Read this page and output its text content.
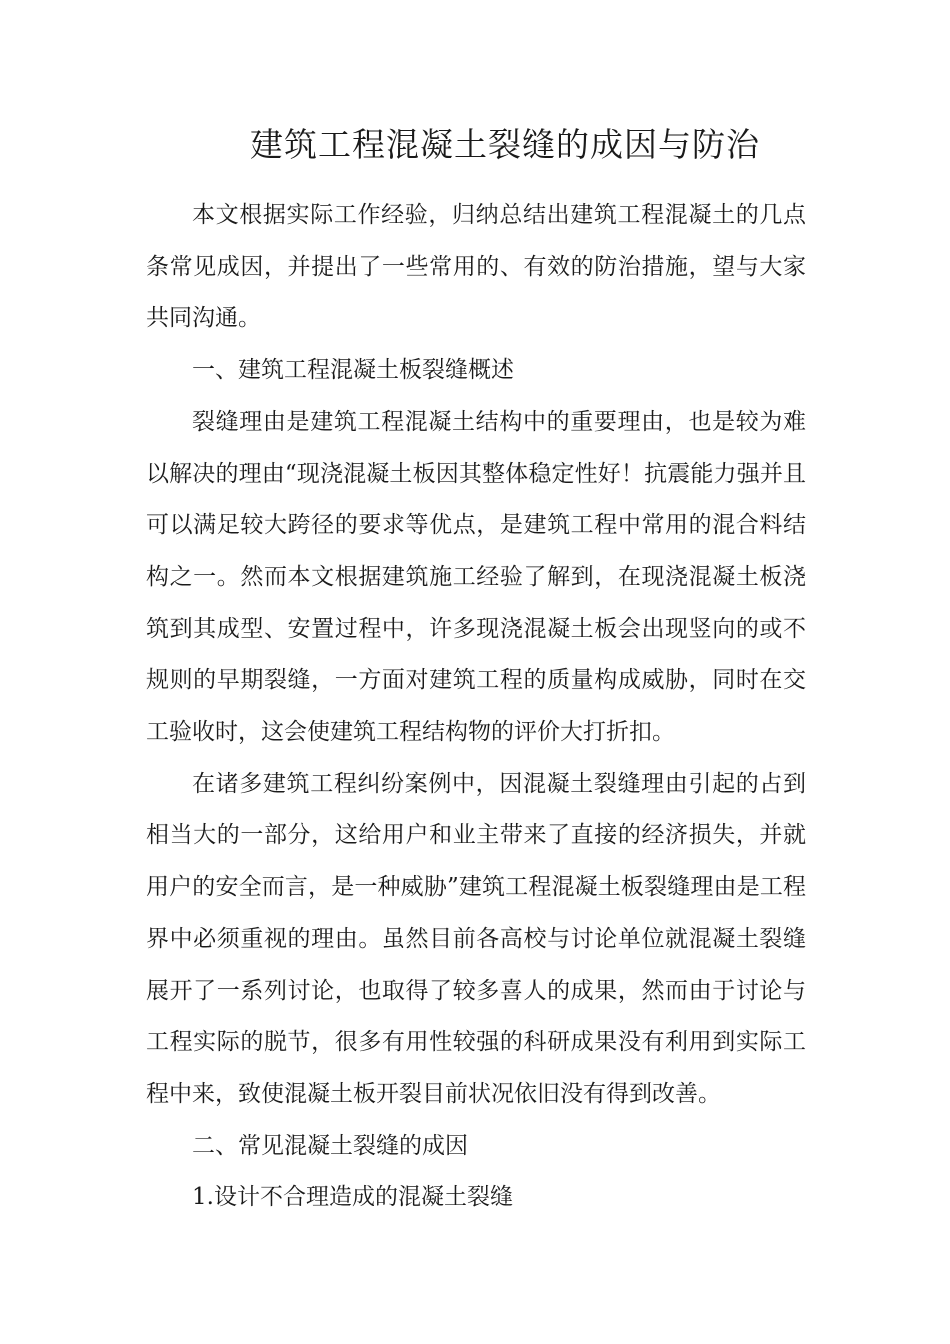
建筑工程混凝土裂缝的成因与防治

本文根据实际工作经验，归纳总结出建筑工程混凝土的几点条常见成因，并提出了一些常用的、有效的防治措施，望与大家共同沟通。

一、建筑工程混凝土板裂缝概述

裂缝理由是建筑工程混凝土结构中的重要理由，也是较为难以解决的理由“现浇混凝土板因其整体稳定性好！抗震能力强并且可以满足较大跨径的要求等优点，是建筑工程中常用的混合料结构之一。然而本文根据建筑施工经验了解到，在现浇混凝土板浇筑到其成型、安置过程中，许多现浇混凝土板会出现竖向的或不规则的早期裂缝，一方面对建筑工程的质量构成威胁，同时在交工验收时，这会使建筑工程结构物的评价大打折扣。

在诸多建筑工程纠纷案例中，因混凝土裂缝理由引起的占到相当大的一部分，这给用户和业主带来了直接的经济损失，并就用户的安全而言，是一种威胁”建筑工程混凝土板裂缝理由是工程界中必须重视的理由。虽然目前各高校与讨论单位就混凝土裂缝展开了一系列讨论，也取得了较多喜人的成果，然而由于讨论与工程实际的脱节，很多有用性较强的科研成果没有利用到实际工程中来，致使混凝土板开裂目前状况依旧没有得到改善。

二、常见混凝土裂缝的成因

1.设计不合理造成的混凝土裂缝
